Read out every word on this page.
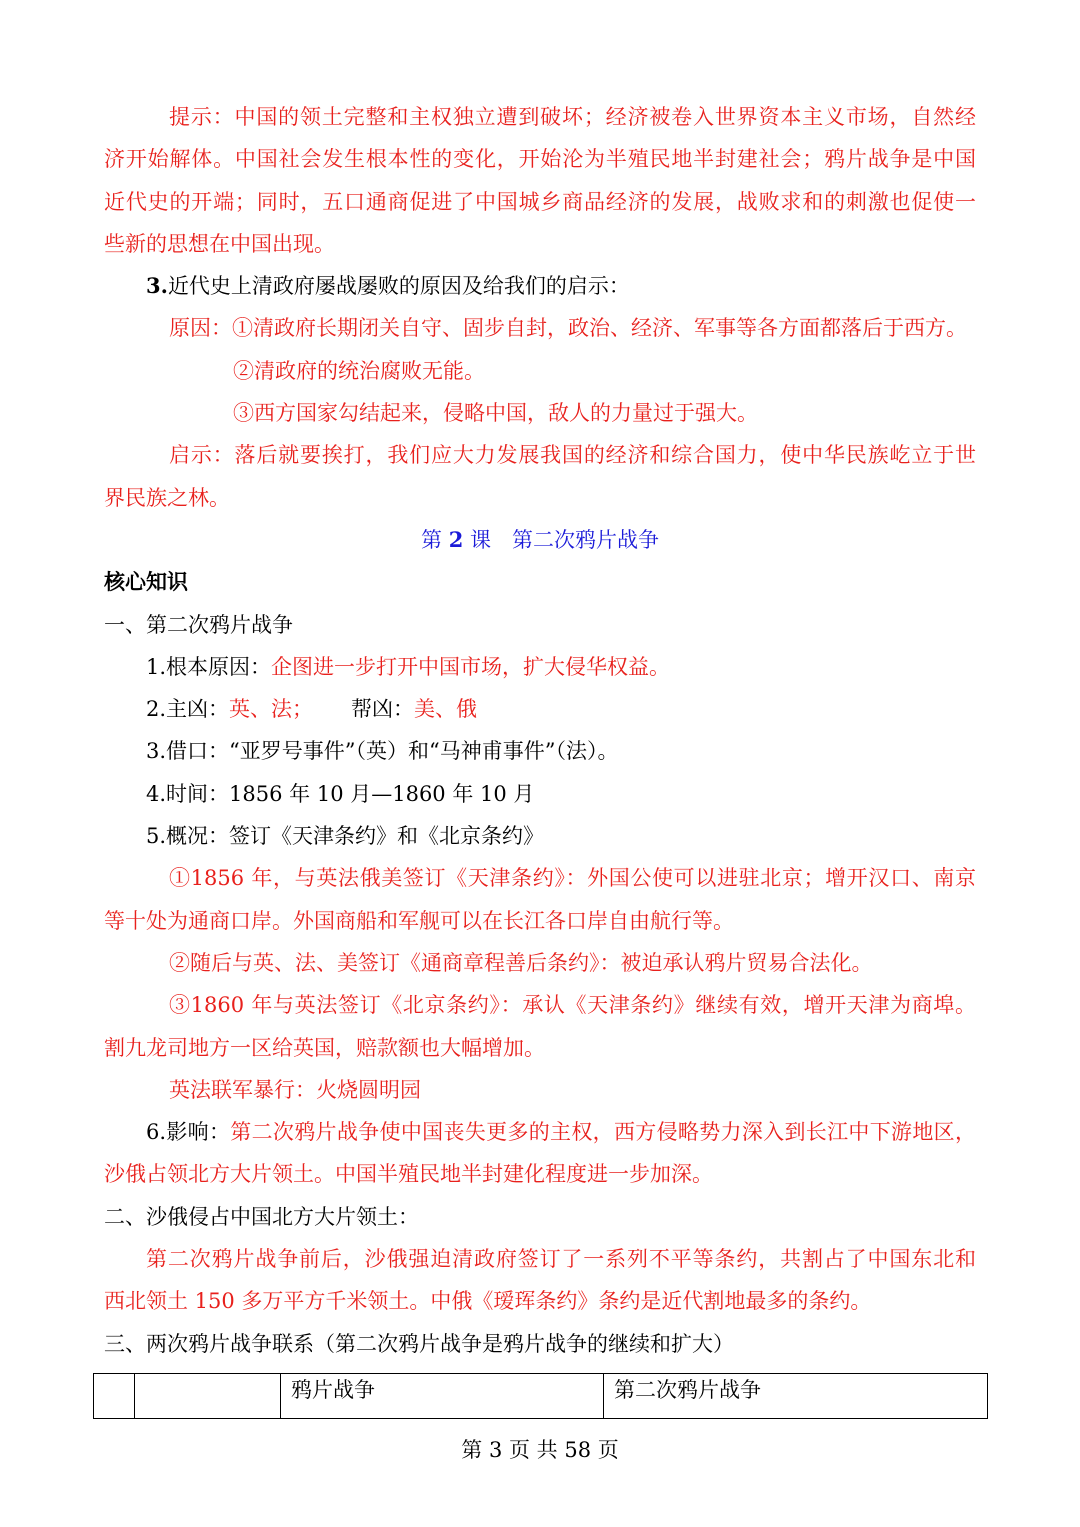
提示：中国的领土完整和主权独立遭到破坏；经济被卷入世界资本主义市场，自然经
济开始解体。中国社会发生根本性的变化，开始沦为半殖民地半封建社会；鸦片战争是中国
近代史的开端；同时，五口通商促进了中国城乡商品经济的发展，战败求和的刺激也促使一
些新的思想在中国出现。
3.近代史上清政府屡战屡败的原因及给我们的启示：
原因：①清政府长期闭关自守、固步自封，政治、经济、军事等各方面都落后于西方。
②清政府的统治腐败无能。
③西方国家勾结起来，侵略中国，敌人的力量过于强大。
启示：落后就要挨打，我们应大力发展我国的经济和综合国力，使中华民族屹立于世
界民族之林。
第 2 课　第二次鸦片战争
核心知识
一、第二次鸦片战争
1.根本原因：企图进一步打开中国市场，扩大侵华权益。
2.主凶：英、法； 帮凶：美、俄
3.借口：“亚罗号事件”（英）和“马神甫事件”（法）。
4.时间：1856 年 10 月—1860 年 10 月
5.概况：签订《天津条约》和《北京条约》
①1856 年，与英法俄美签订《天津条约》：外国公使可以进驻北京；增开汉口、南京
等十处为通商口岸。外国商船和军舰可以在长江各口岸自由航行等。
②随后与英、法、美签订《通商章程善后条约》：被迫承认鸦片贸易合法化。
③1860 年与英法签订《北京条约》：承认《天津条约》继续有效，增开天津为商埠。
割九龙司地方一区给英国，赔款额也大幅增加。
英法联军暴行：火烧圆明园
6.影响：第二次鸦片战争使中国丧失更多的主权，西方侵略势力深入到长江中下游地区，
沙俄占领北方大片领土。中国半殖民地半封建化程度进一步加深。
二、沙俄侵占中国北方大片领土：
第二次鸦片战争前后，沙俄强迫清政府签订了一系列不平等条约，共割占了中国东北和
西北领土 150 多万平方千米领土。中俄《瑷珲条约》条约是近代割地最多的条约。
三、两次鸦片战争联系（第二次鸦片战争是鸦片战争的继续和扩大）
		鸦片战争	第二次鸦片战争
第 3 页 共 58 页
